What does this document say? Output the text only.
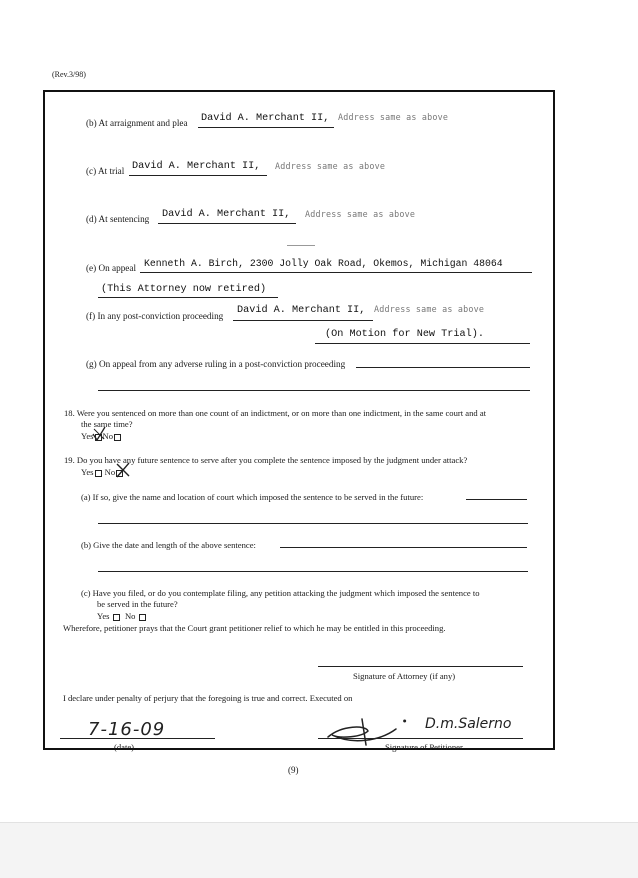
(Rev.3/98)
(b) At arraignment and plea David A. Merchant II, Address same as above
(c) At trial David A. Merchant II, Address same as above
(d) At sentencing David A. Merchant II, Address same as above
(e) On appeal Kenneth A. Birch, 2300 Jolly Oak Road, Okemos, Michigan 48064
(This Attorney now retired)
(f) In any post-conviction proceeding David A. Merchant II, Address same as above
(On Motion for New Trial).
(g) On appeal from any adverse ruling in a post-conviction proceeding
18. Were you sentenced on more than one count of an indictment, or on more than one indictment, in the same court and at
the same time?
Yes No
19. Do you have any future sentence to serve after you complete the sentence imposed by the judgment under attack?
Yes No
(a) If so, give the name and location of court which imposed the sentence to be served in the future:
(b) Give the date and length of the above sentence:
(c) Have you filed, or do you contemplate filing, any petition attacking the judgment which imposed the sentence to
be served in the future?
Yes No
Wherefore, petitioner prays that the Court grant petitioner relief to which he may be entitled in this proceeding.
Signature of Attorney (if any)
I declare under penalty of perjury that the foregoing is true and correct. Executed on
7-16-09
(date)
● D.m.Salerno
Signature of Petitioner
(9)
